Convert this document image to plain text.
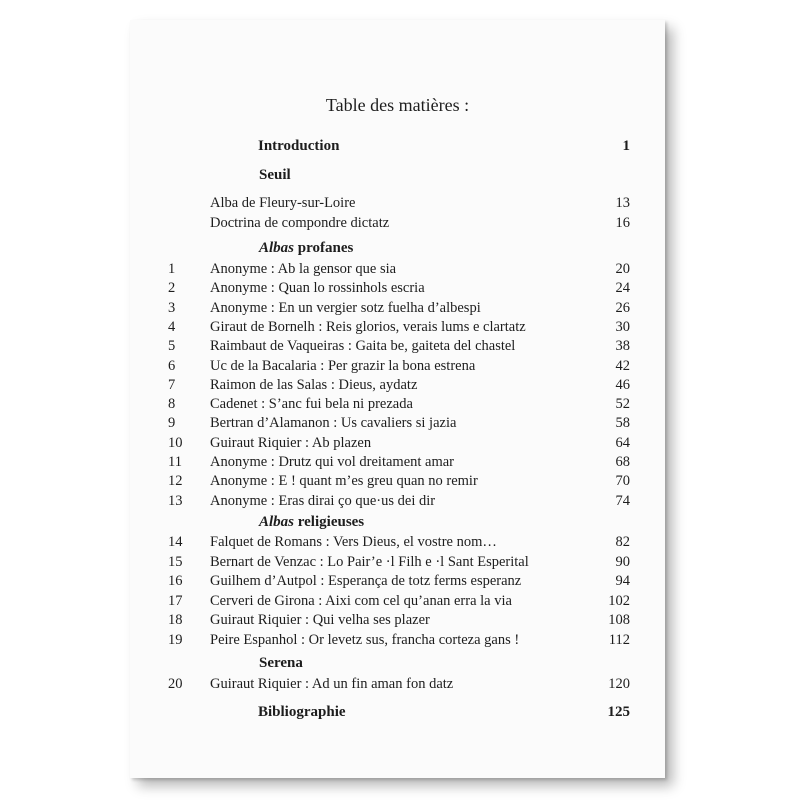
Table des matières :
Introduction	1
Seuil
Alba de Fleury-sur-Loire	13
Doctrina de compondre dictatz	16
Albas profanes
1 Anonyme : Ab la gensor que sia	20
2 Anonyme : Quan lo rossinhols escria	24
3 Anonyme : En un vergier sotz fuelha d’albespi	26
4 Giraut de Bornelh : Reis glorios, verais lums e clartatz	30
5 Raimbaut de Vaqueiras : Gaita be, gaiteta del chastel	38
6 Uc de la Bacalaria : Per grazir la bona estrena	42
7 Raimon de las Salas : Dieus, aydatz	46
8 Cadenet : S’anc fui bela ni prezada	52
9 Bertran d’Alamanon : Us cavaliers si jazia	58
10 Guiraut Riquier : Ab plazen	64
11 Anonyme : Drutz qui vol dreitament amar	68
12 Anonyme : E ! quant m’es greu quan no remir	70
13 Anonyme : Eras dirai ço que·us dei dir	74
Albas religieuses
14 Falquet de Romans : Vers Dieus, el vostre nom…	82
15 Bernart de Venzac : Lo Pair’e ·l Filh e ·l Sant Esperital	90
16 Guilhem d’Autpol : Esperança de totz ferms esperanz	94
17 Cerveri de Girona : Aixi com cel qu’anan erra la via	102
18 Guiraut Riquier : Qui velha ses plazer	108
19 Peire Espanhol : Or levetz sus, francha corteza gans !	112
Serena
20 Guiraut Riquier : Ad un fin aman fon datz	120
Bibliographie	125
